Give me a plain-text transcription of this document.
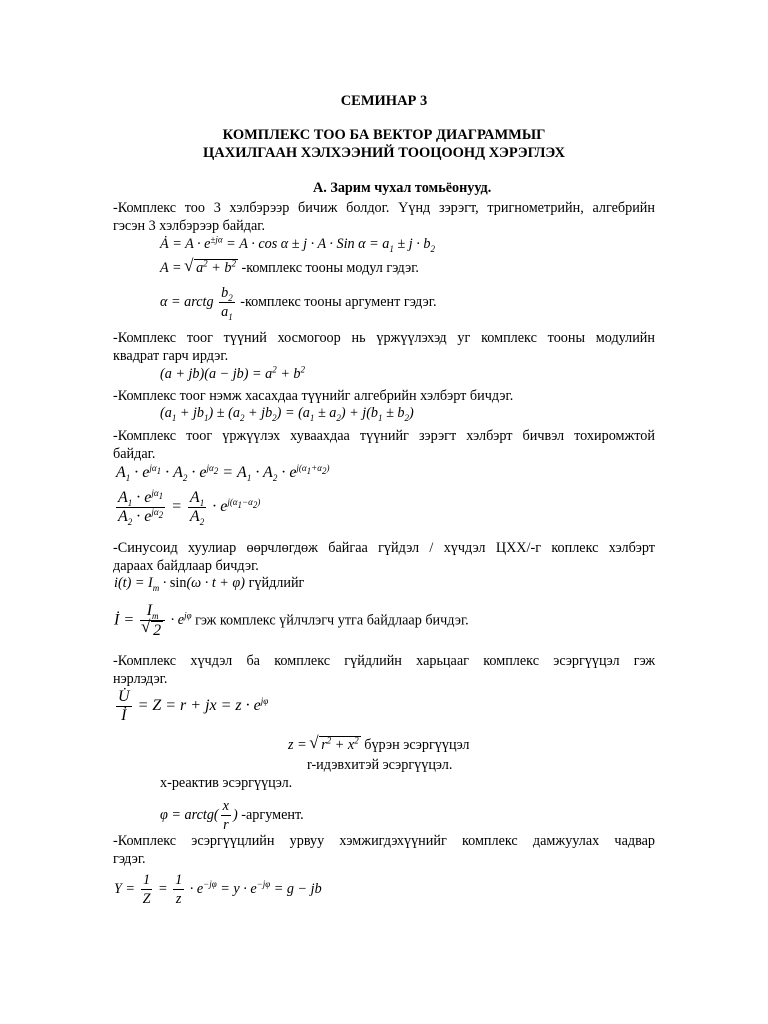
СЕМИНАР 3
КОМПЛЕКС ТОО БА ВЕКТОР ДИАГРАММЫГ
ЦАХИЛГААН ХЭЛХЭЭНИЙ ТООЦООНД ХЭРЭГЛЭХ
А. Зарим чухал томьёонууд.
-Комплекс тоо 3 хэлбэрээр бичиж болдог. Үүнд зэрэгт, тригнометрийн, алгебрийн
гэсэн 3 хэлбэрээр байдаг.
Ȧ = $A \cdot e^{\pm j\alpha} = A \cdot \cos \alpha \pm j \cdot A$ · Sin $\alpha = a_1 \pm j \cdot b_2$
A = √ $a^2 + b^2$ -комплекс тооны модул гэдэг.
α = arctg $\frac{b_2}{a_1}$ -комплекс тооны аргумент гэдэг.
-Комплекс тоог түүний хосмогоор нь үржүүлэхэд уг комплекс тооны модулийн
квадрат гарч ирдэг.
$(a + jb)(a - jb) = a^2 + b^2$
-Комплекс тоог нэмж хасахдаа түүнийг алгебрийн хэлбэрт бичдэг.
$(a_1 + jb_1) \pm (a_2 + jb_2) = (a_1 \pm a_2) + j(b_1 \pm b_2)$
-Комплекс тоог үржүүлэх хуваахдаа түүнийг зэрэгт хэлбэрт бичвэл тохиромжтой
байдаг.
$A_1 \cdot e^{j\alpha_1} \cdot A_2 \cdot e^{j\alpha_2} = A_1 \cdot A_2 \cdot e^{j(\alpha_1+\alpha_2)}$
$\frac{A_1 \cdot e^{j\alpha_1}}{A_2 \cdot e^{j\alpha_2}} = \frac{A_1}{A_2} \cdot e^{j(\alpha_1-\alpha_2)}$
-Синусоид хуулиар өөрчлөгдөж байгаа гүйдэл / хүчдэл ЦХХ/-г коплекс хэлбэрт
дараах байдлаар бичдэг.
$i(t) = I_m \cdot \sin(\omega \cdot t + \varphi)$ гүйдлийг
İ = $I_m$
√ $2 \cdot e^{j\varphi}$ гэж комплекс үйлчлэгч утга байдлаар бичдэг.
-Комплекс хүчдэл ба комплекс гүйдлийн харьцааг комплекс эсэргүүцэл гэж
нэрлэдэг.
$\frac{U̇}{İ} = Z = r$ + jx = $z \cdot e^{j\varphi}$
z = √ $r^2 + x^2$ бүрэн эсэргүүцэл
r-идэвхитэй эсэргүүцэл.
x-реактив эсэргүүцэл.
φ = arctg( $\frac{x}{r}$ ) -аргумент.
-Комплекс эсэргүүцлийн урвуу хэмжигдэхүүнийг комплекс дамжуулах чадвар
гэдэг.
$Y = \frac{1}{Z} = \frac{1}{z} \cdot e^{-j\varphi} = y \cdot e^{-j\varphi} = g$ − jb
